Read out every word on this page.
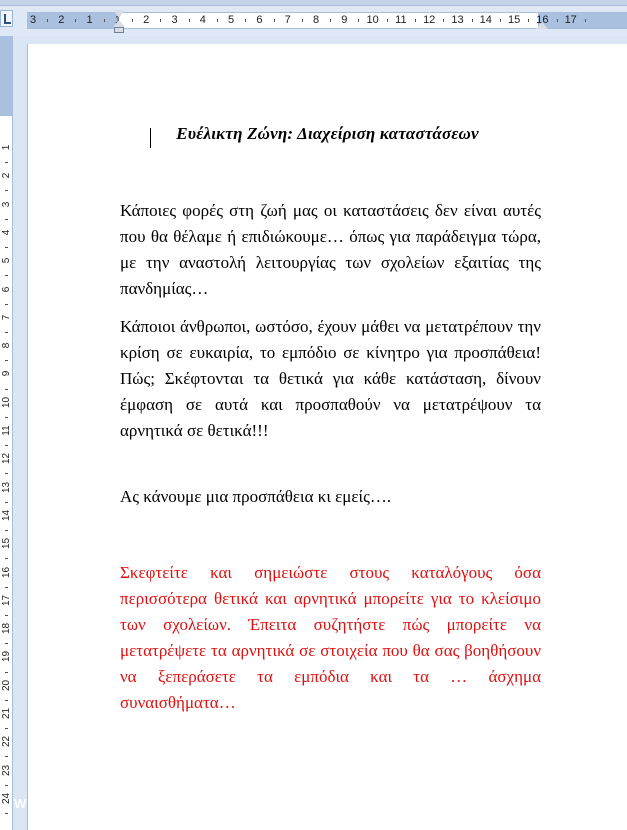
3 2 1 1 2 3 4 5 6 7 8 9 10 11 12 13 14 15 16 17
1
2
3
4
5
6
7
8
9
10
11
12
13
14
15
16
17
18
19
20
21
22
23
24 W
Ευέλικτη Ζώνη: Διαχείριση καταστάσεων

Κάποιες φορές στη ζωή μας οι καταστάσεις δεν είναι αυτές που θα θέλαμε ή επιδιώκουμε… όπως για παράδειγμα τώρα, με την αναστολή λειτουργίας των σχολείων εξαιτίας της πανδημίας…

Κάποιοι άνθρωποι, ωστόσο, έχουν μάθει να μετατρέπουν την κρίση σε ευκαιρία, το εμπόδιο σε κίνητρο για προσπάθεια! Πώς; Σκέφτονται τα θετικά για κάθε κατάσταση, δίνουν έμφαση σε αυτά και προσπαθούν να μετατρέψουν τα αρνητικά σε θετικά!!!

Ας κάνουμε μια προσπάθεια κι εμείς….

Σκεφτείτε και σημειώστε στους καταλόγους όσα περισσότερα θετικά και αρνητικά μπορείτε για το κλείσιμο των σχολείων. Έπειτα συζητήστε πώς μπορείτε να μετατρέψετε τα αρνητικά σε στοιχεία που θα σας βοηθήσουν να ξεπεράσετε τα εμπόδια και τα … άσχημα συναισθήματα…
